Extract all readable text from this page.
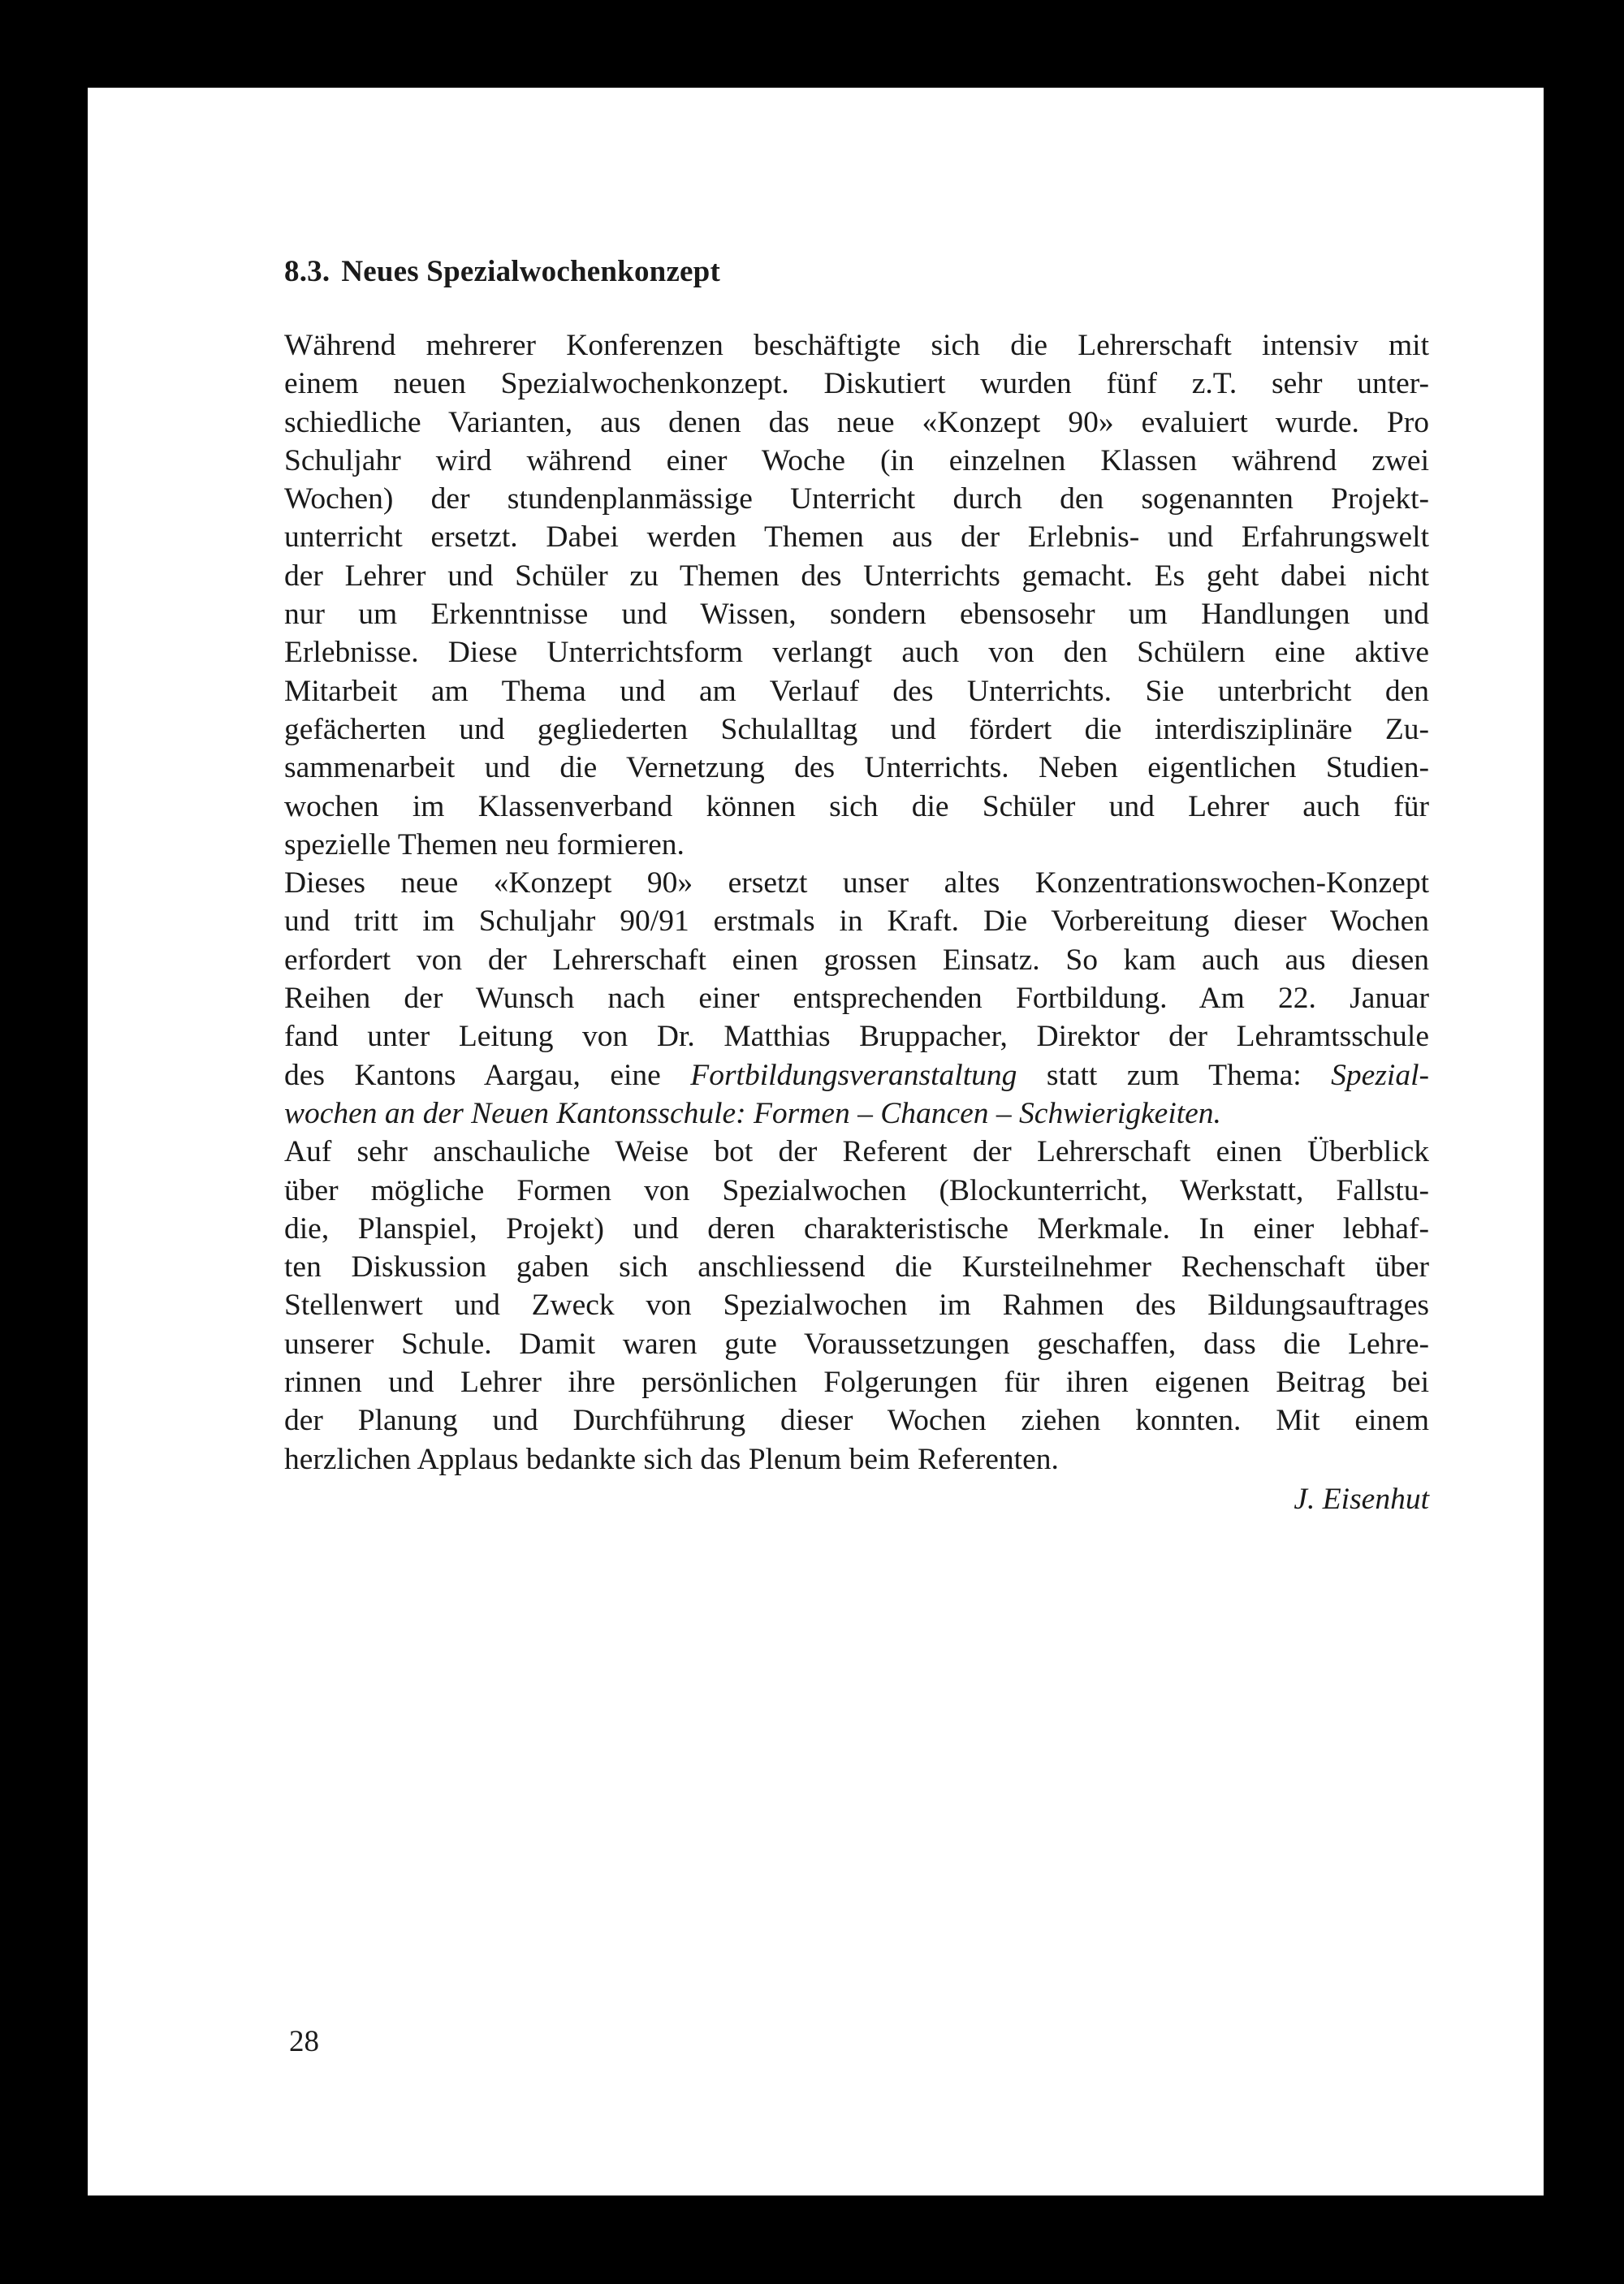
8.3. Neues Spezialwochenkonzept
Während mehrerer Konferenzen beschäftigte sich die Lehrerschaft intensiv mit
einem neuen Spezialwochenkonzept. Diskutiert wurden fünf z.T. sehr unter-
schiedliche Varianten, aus denen das neue «Konzept 90» evaluiert wurde. Pro
Schuljahr wird während einer Woche (in einzelnen Klassen während zwei
Wochen) der stundenplanmässige Unterricht durch den sogenannten Projekt-
unterricht ersetzt. Dabei werden Themen aus der Erlebnis- und Erfahrungswelt
der Lehrer und Schüler zu Themen des Unterrichts gemacht. Es geht dabei nicht
nur um Erkenntnisse und Wissen, sondern ebensosehr um Handlungen und
Erlebnisse. Diese Unterrichtsform verlangt auch von den Schülern eine aktive
Mitarbeit am Thema und am Verlauf des Unterrichts. Sie unterbricht den
gefächerten und gegliederten Schulalltag und fördert die interdisziplinäre Zu-
sammenarbeit und die Vernetzung des Unterrichts. Neben eigentlichen Studien-
wochen im Klassenverband können sich die Schüler und Lehrer auch für
spezielle Themen neu formieren.
Dieses neue «Konzept 90» ersetzt unser altes Konzentrationswochen-Konzept
und tritt im Schuljahr 90/91 erstmals in Kraft. Die Vorbereitung dieser Wochen
erfordert von der Lehrerschaft einen grossen Einsatz. So kam auch aus diesen
Reihen der Wunsch nach einer entsprechenden Fortbildung. Am 22. Januar
fand unter Leitung von Dr. Matthias Bruppacher, Direktor der Lehramtsschule
des Kantons Aargau, eine Fortbildungsveranstaltung statt zum Thema: Spezial-
wochen an der Neuen Kantonsschule: Formen – Chancen – Schwierigkeiten.
Auf sehr anschauliche Weise bot der Referent der Lehrerschaft einen Überblick
über mögliche Formen von Spezialwochen (Blockunterricht, Werkstatt, Fallstu-
die, Planspiel, Projekt) und deren charakteristische Merkmale. In einer lebhaf-
ten Diskussion gaben sich anschliessend die Kursteilnehmer Rechenschaft über
Stellenwert und Zweck von Spezialwochen im Rahmen des Bildungsauftrages
unserer Schule. Damit waren gute Voraussetzungen geschaffen, dass die Lehre-
rinnen und Lehrer ihre persönlichen Folgerungen für ihren eigenen Beitrag bei
der Planung und Durchführung dieser Wochen ziehen konnten. Mit einem
herzlichen Applaus bedankte sich das Plenum beim Referenten.
J. Eisenhut
28
